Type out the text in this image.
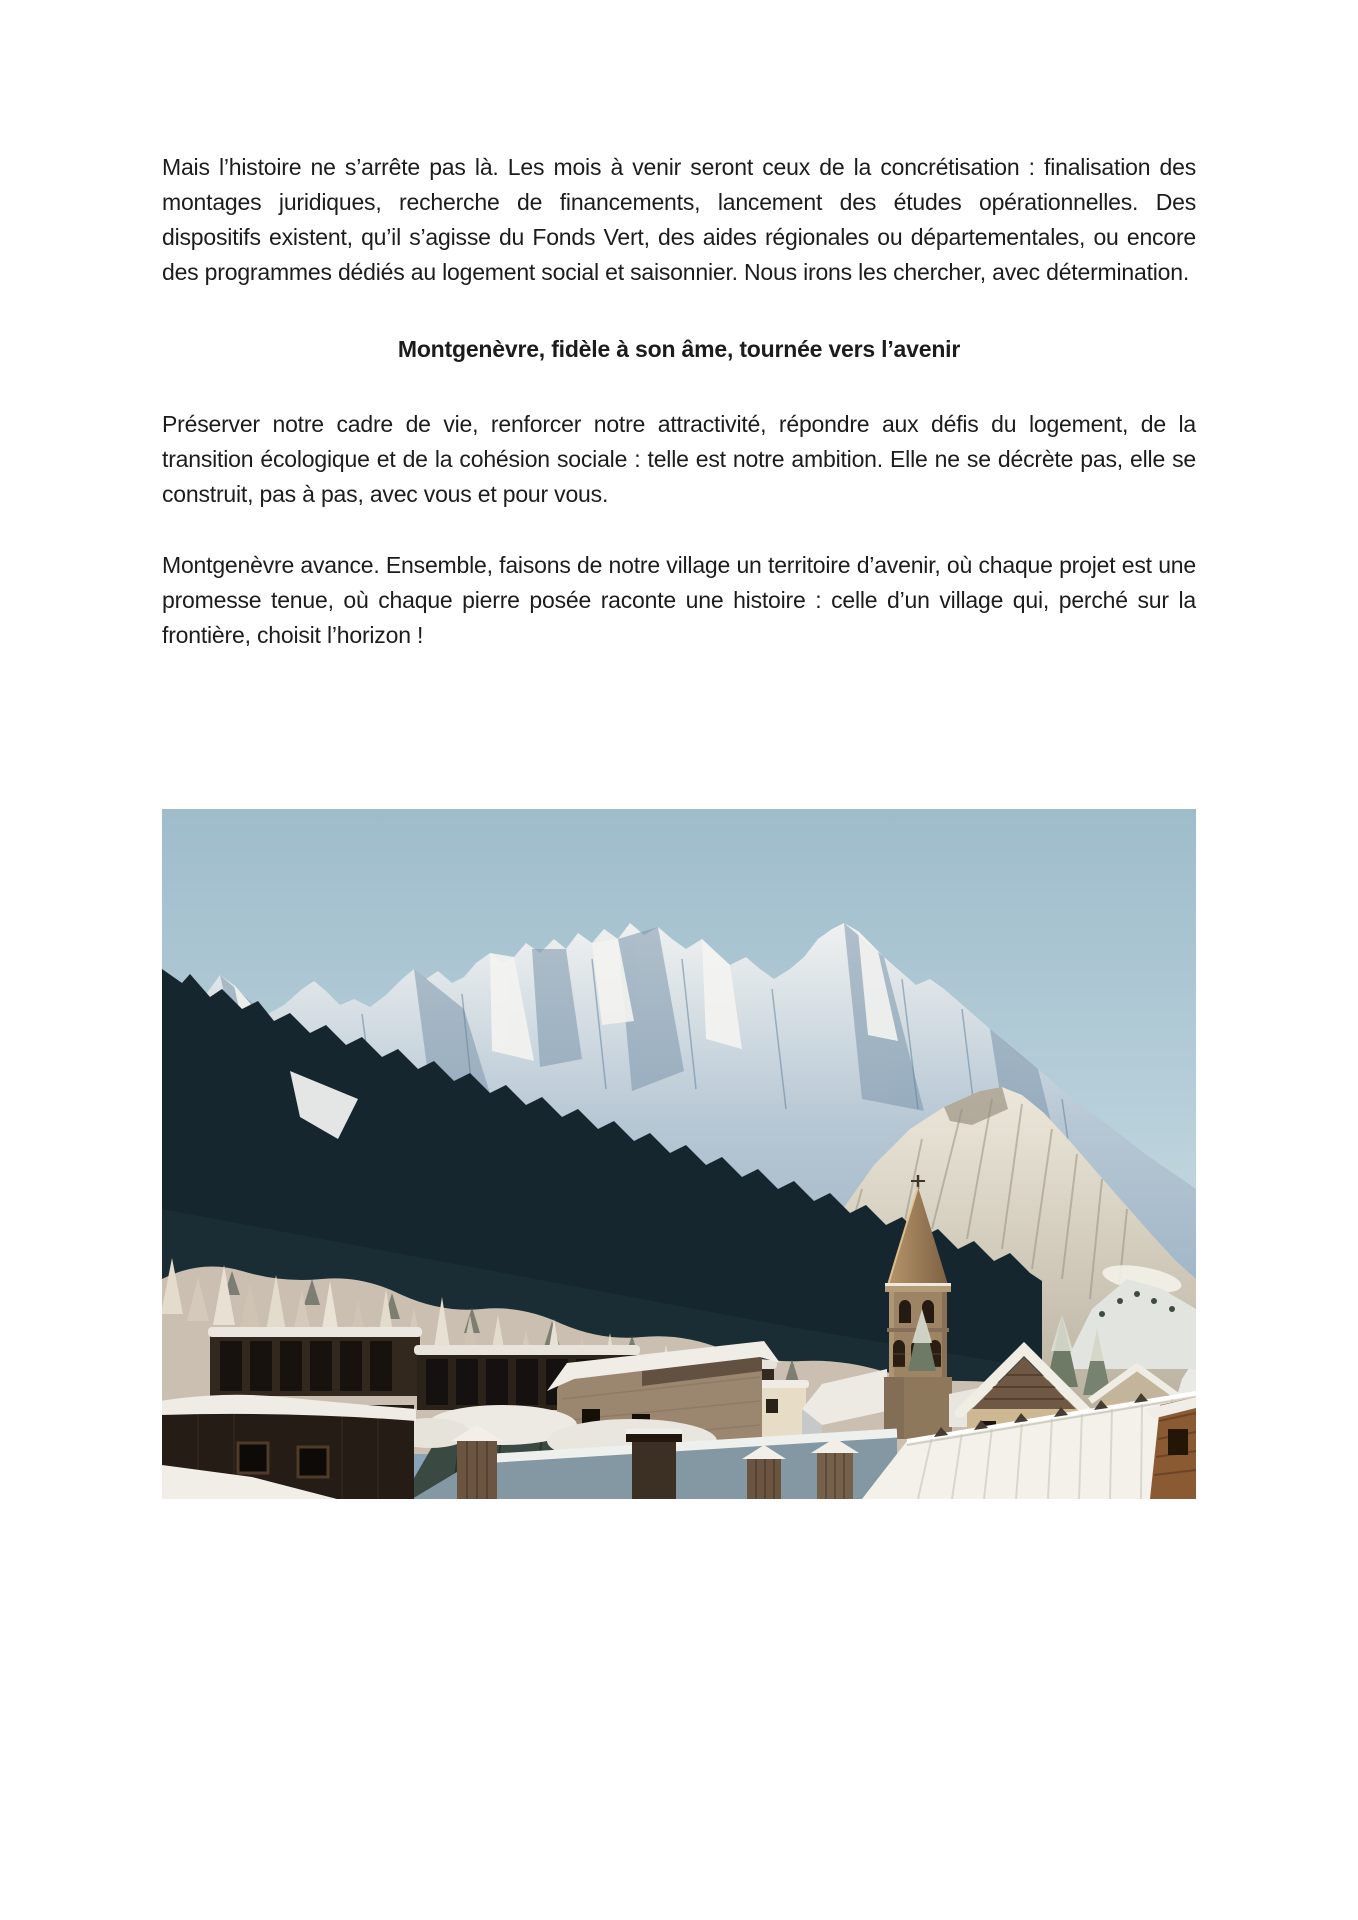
Mais l’histoire ne s’arrête pas là. Les mois à venir seront ceux de la concrétisation : finalisation des montages juridiques, recherche de financements, lancement des études opérationnelles. Des dispositifs existent, qu’il s’agisse du Fonds Vert, des aides régionales ou départementales, ou encore des programmes dédiés au logement social et saisonnier. Nous irons les chercher, avec détermination.

Montgenèvre, fidèle à son âme, tournée vers l’avenir

Préserver notre cadre de vie, renforcer notre attractivité, répondre aux défis du logement, de la transition écologique et de la cohésion sociale : telle est notre ambition. Elle ne se décrète pas, elle se construit, pas à pas, avec vous et pour vous.

Montgenèvre avance. Ensemble, faisons de notre village un territoire d’avenir, où chaque projet est une promesse tenue, où chaque pierre posée raconte une histoire : celle d’un village qui, perché sur la frontière, choisit l’horizon !
